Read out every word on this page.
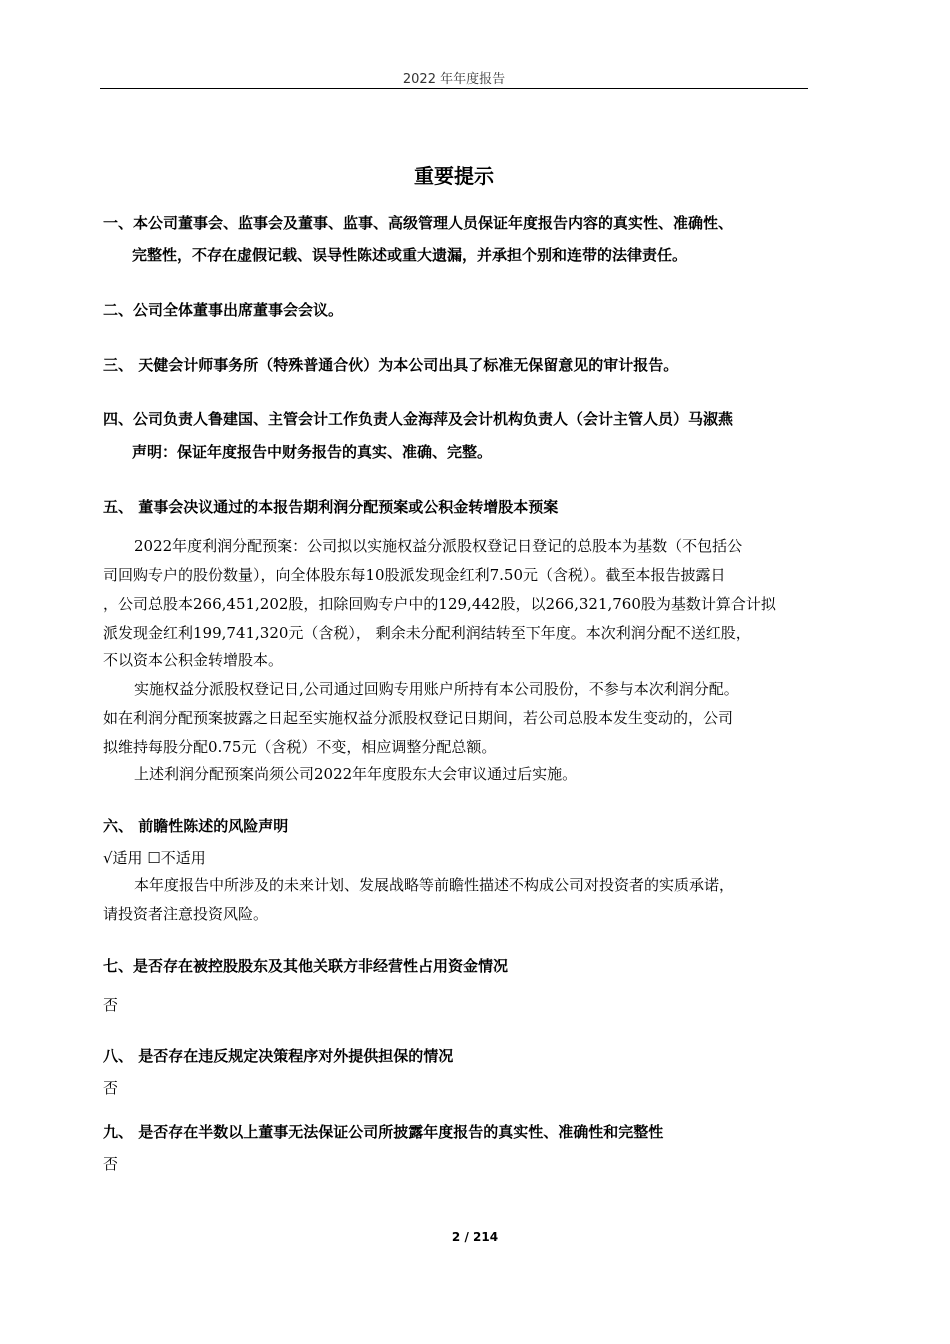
2022 年年度报告
重要提示
一、本公司董事会、监事会及董事、监事、高级管理人员保证年度报告内容的真实性、准确性、
完整性，不存在虚假记载、误导性陈述或重大遗漏，并承担个别和连带的法律责任。
二、公司全体董事出席董事会会议。
三、 天健会计师事务所（特殊普通合伙）为本公司出具了标准无保留意见的审计报告。
四、公司负责人鲁建国、主管会计工作负责人金海萍及会计机构负责人（会计主管人员）马淑燕
声明：保证年度报告中财务报告的真实、准确、完整。
五、 董事会决议通过的本报告期利润分配预案或公积金转增股本预案
2022年度利润分配预案：公司拟以实施权益分派股权登记日登记的总股本为基数（不包括公
司回购专户的股份数量），向全体股东每10股派发现金红利7.50元（含税）。截至本报告披露日
，公司总股本266,451,202股，扣除回购专户中的129,442股，以266,321,760股为基数计算合计拟
派发现金红利199,741,320元（含税）， 剩余未分配利润结转至下年度。本次利润分配不送红股，
不以资本公积金转增股本。
实施权益分派股权登记日,公司通过回购专用账户所持有本公司股份，不参与本次利润分配。
如在利润分配预案披露之日起至实施权益分派股权登记日期间，若公司总股本发生变动的，公司
拟维持每股分配0.75元（含税）不变，相应调整分配总额。
上述利润分配预案尚须公司2022年年度股东大会审议通过后实施。
六、 前瞻性陈述的风险声明
√适用 ☐不适用
本年度报告中所涉及的未来计划、发展战略等前瞻性描述不构成公司对投资者的实质承诺，
请投资者注意投资风险。
七、是否存在被控股股东及其他关联方非经营性占用资金情况
否
八、 是否存在违反规定决策程序对外提供担保的情况
否
九、 是否存在半数以上董事无法保证公司所披露年度报告的真实性、准确性和完整性
否
2 / 214
